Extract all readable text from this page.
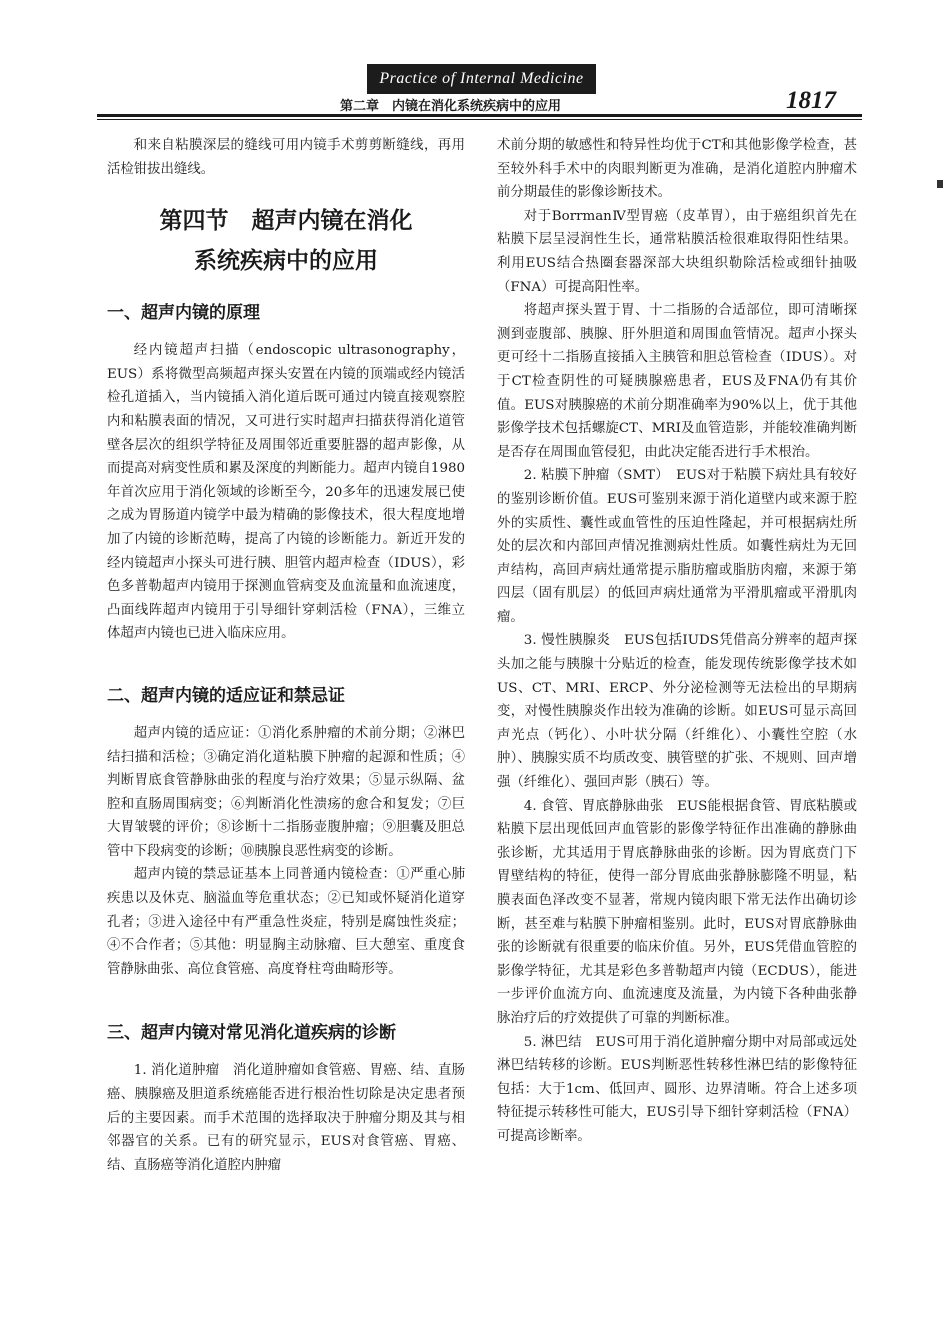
Practice of Internal Medicine
第二章　内镜在消化系统疾病中的应用	1817

和来自粘膜深层的缝线可用内镜手术剪剪断缝线，再用活检钳拔出缝线。

第四节　超声内镜在消化
系统疾病中的应用
一、超声内镜的原理

经内镜超声扫描（endoscopic ultrasonography，EUS）系将微型高频超声探头安置在内镜的顶端或经内镜活检孔道插入，当内镜插入消化道后既可通过内镜直接观察腔内和粘膜表面的情况，又可进行实时超声扫描获得消化道管壁各层次的组织学特征及周围邻近重要脏器的超声影像，从而提高对病变性质和累及深度的判断能力。超声内镜自1980年首次应用于消化领域的诊断至今，20多年的迅速发展已使之成为胃肠道内镜学中最为精确的影像技术，很大程度地增加了内镜的诊断范畴，提高了内镜的诊断能力。新近开发的经内镜超声小探头可进行胰、胆管内超声检查（IDUS），彩色多普勒超声内镜用于探测血管病变及血流量和血流速度，凸面线阵超声内镜用于引导细针穿刺活检（FNA），三维立体超声内镜也已进入临床应用。

二、超声内镜的适应证和禁忌证

超声内镜的适应证：①消化系肿瘤的术前分期；②淋巴结扫描和活检；③确定消化道粘膜下肿瘤的起源和性质；④判断胃底食管静脉曲张的程度与治疗效果；⑤显示纵隔、盆腔和直肠周围病变；⑥判断消化性溃疡的愈合和复发；⑦巨大胃皱襞的评价；⑧诊断十二指肠壶腹肿瘤；⑨胆囊及胆总管中下段病变的诊断；⑩胰腺良恶性病变的诊断。

超声内镜的禁忌证基本上同普通内镜检查：①严重心肺疾患以及休克、脑溢血等危重状态；②已知或怀疑消化道穿孔者；③进入途径中有严重急性炎症，特别是腐蚀性炎症；④不合作者；⑤其他：明显胸主动脉瘤、巨大憩室、重度食管静脉曲张、高位食管癌、高度脊柱弯曲畸形等。

三、超声内镜对常见消化道疾病的诊断

1. 消化道肿瘤　消化道肿瘤如食管癌、胃癌、结、直肠癌、胰腺癌及胆道系统癌能否进行根治性切除是决定患者预后的主要因素。而手术范围的选择取决于肿瘤分期及其与相邻器官的关系。已有的研究显示，EUS对食管癌、胃癌、结、直肠癌等消化道腔内肿瘤

术前分期的敏感性和特异性均优于CT和其他影像学检查，甚至较外科手术中的肉眼判断更为准确，是消化道腔内肿瘤术前分期最佳的影像诊断技术。

对于BorrmanⅣ型胃癌（皮革胃），由于癌组织首先在粘膜下层呈浸润性生长，通常粘膜活检很难取得阳性结果。利用EUS结合热圈套器深部大块组织勒除活检或细针抽吸（FNA）可提高阳性率。

将超声探头置于胃、十二指肠的合适部位，即可清晰探测到壶腹部、胰腺、肝外胆道和周围血管情况。超声小探头更可经十二指肠直接插入主胰管和胆总管检查（IDUS）。对于CT检查阴性的可疑胰腺癌患者，EUS及FNA仍有其价值。EUS对胰腺癌的术前分期准确率为90%以上，优于其他影像学技术包括螺旋CT、MRI及血管造影，并能较准确判断是否存在周围血管侵犯，由此决定能否进行手术根治。

2. 粘膜下肿瘤（SMT）　EUS对于粘膜下病灶具有较好的鉴别诊断价值。EUS可鉴别来源于消化道壁内或来源于腔外的实质性、囊性或血管性的压迫性隆起，并可根据病灶所处的层次和内部回声情况推测病灶性质。如囊性病灶为无回声结构，高回声病灶通常提示脂肪瘤或脂肪肉瘤，来源于第四层（固有肌层）的低回声病灶通常为平滑肌瘤或平滑肌肉瘤。

3. 慢性胰腺炎　EUS包括IUDS凭借高分辨率的超声探头加之能与胰腺十分贴近的检查，能发现传统影像学技术如US、CT、MRI、ERCP、外分泌检测等无法检出的早期病变，对慢性胰腺炎作出较为准确的诊断。如EUS可显示高回声光点（钙化）、小叶状分隔（纤维化）、小囊性空腔（水肿）、胰腺实质不均质改变、胰管壁的扩张、不规则、回声增强（纤维化）、强回声影（胰石）等。

4. 食管、胃底静脉曲张　EUS能根据食管、胃底粘膜或粘膜下层出现低回声血管影的影像学特征作出准确的静脉曲张诊断，尤其适用于胃底静脉曲张的诊断。因为胃底贲门下胃壁结构的特征，使得一部分胃底曲张静脉膨隆不明显，粘膜表面色泽改变不显著，常规内镜肉眼下常无法作出确切诊断，甚至难与粘膜下肿瘤相鉴别。此时，EUS对胃底静脉曲张的诊断就有很重要的临床价值。另外，EUS凭借血管腔的影像学特征，尤其是彩色多普勒超声内镜（ECDUS），能进一步评价血流方向、血流速度及流量，为内镜下各种曲张静脉治疗后的疗效提供了可靠的判断标准。

5. 淋巴结　EUS可用于消化道肿瘤分期中对局部或远处淋巴结转移的诊断。EUS判断恶性转移性淋巴结的影像特征包括：大于1cm、低回声、圆形、边界清晰。符合上述多项特征提示转移性可能大，EUS引导下细针穿刺活检（FNA）可提高诊断率。
